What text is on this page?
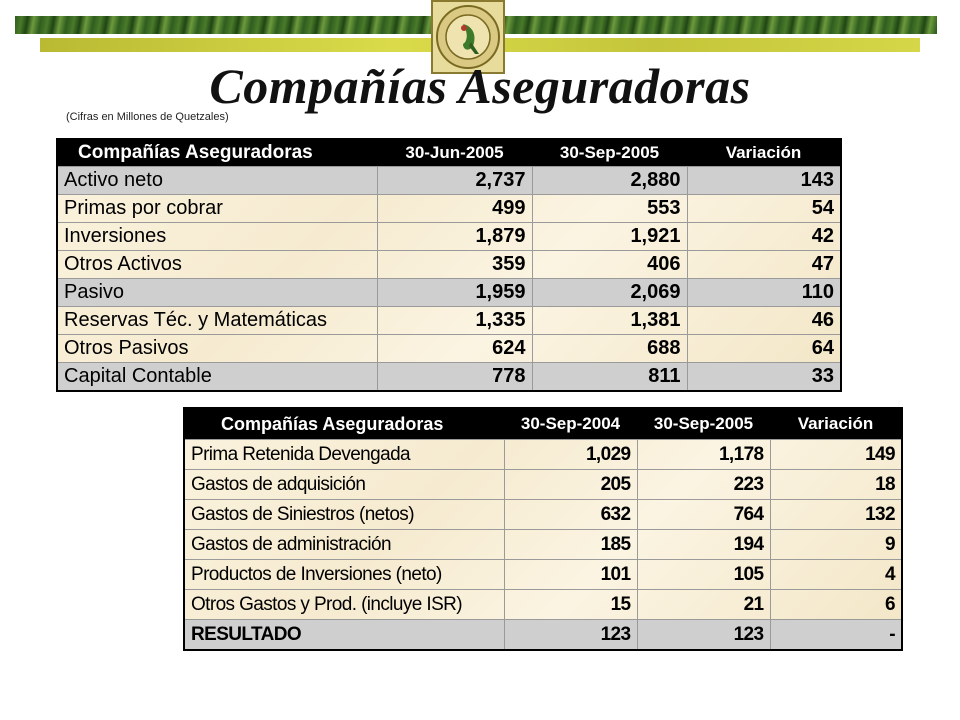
Compañías Aseguradoras
(Cifras en Millones de Quetzales)
Compañías Aseguradoras	30-Jun-2005	30-Sep-2005	Variación
Activo neto	2,737	2,880	143
Primas por cobrar	499	553	54
Inversiones	1,879	1,921	42
Otros Activos	359	406	47
Pasivo	1,959	2,069	110
Reservas Téc. y Matemáticas	1,335	1,381	46
Otros Pasivos	624	688	64
Capital Contable	778	811	33
Compañías Aseguradoras	30-Sep-2004	30-Sep-2005	Variación
Prima Retenida Devengada	1,029	1,178	149
Gastos de adquisición	205	223	18
Gastos de Siniestros (netos)	632	764	132
Gastos de administración	185	194	9
Productos de Inversiones (neto)	101	105	4
Otros Gastos y Prod. (incluye ISR)	15	21	6
RESULTADO	123	123	-
